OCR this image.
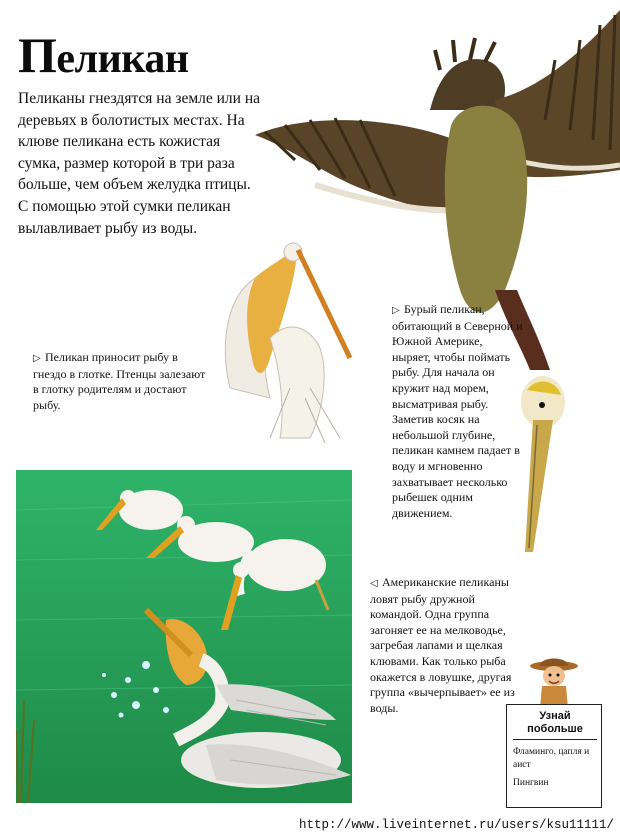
Пеликан
Пеликаны гнездятся на земле или на деревьях в болотистых местах. На клюве пеликана есть кожистая сумка, размер которой в три раза больше, чем объем желудка птицы. С помощью этой сумки пеликан вылавливает рыбу из воды.
▷ Пеликан приносит рыбу в гнездо в глотке. Птенцы залезают в глотку родителям и достают рыбу.
▷ Бурый пеликан, обитающий в Северной и Южной Америке, ныряет, чтобы поймать рыбу. Для начала он кружит над морем, высматривая рыбу. Заметив косяк на небольшой глубине, пеликан камнем падает в воду и мгновенно захватывает несколько рыбешек одним движением.
◁ Американские пеликаны ловят рыбу дружной командой. Одна группа загоняет ее на мелководье, загребая лапами и щелкая клювами. Как только рыба окажется в ловушке, другая группа «вычерпывает» ее из воды.
Узнай побольше
Фламинго, цапля и аист
Пингвин
http://www.liveinternet.ru/users/ksu11111/
